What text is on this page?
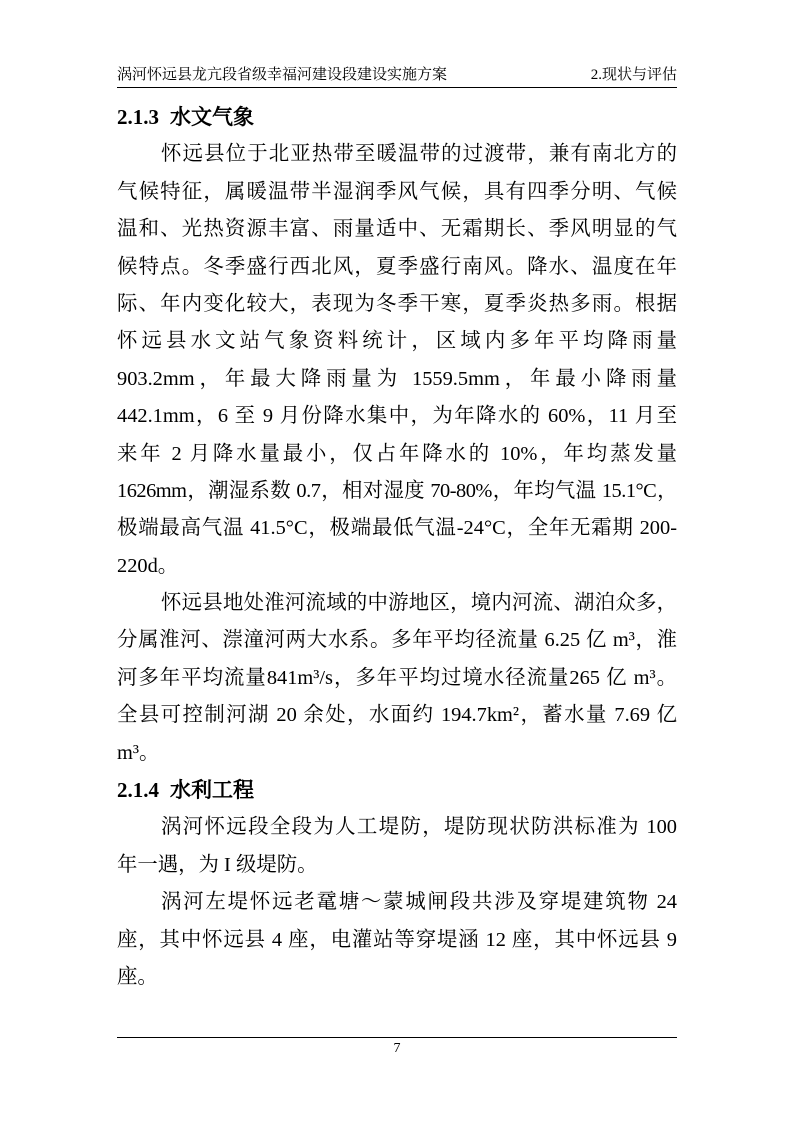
涡河怀远县龙亢段省级幸福河建设段建设实施方案	2.现状与评估
2.1.3 水文气象
怀远县位于北亚热带至暖温带的过渡带，兼有南北方的
气候特征，属暖温带半湿润季风气候，具有四季分明、气候
温和、光热资源丰富、雨量适中、无霜期长、季风明显的气
候特点。冬季盛行西北风，夏季盛行南风。降水、温度在年
际、年内变化较大，表现为冬季干寒，夏季炎热多雨。根据
怀远县水文站气象资料统计，区域内多年平均降雨量
903.2mm，年最大降雨量为 1559.5mm，年最小降雨量
442.1mm，6 至 9 月份降水集中，为年降水的 60%，11 月至
来年 2 月降水量最小，仅占年降水的 10%，年均蒸发量
1626mm，潮湿系数 0.7，相对湿度 70-80%，年均气温 15.1°C，
极端最高气温 41.5°C，极端最低气温-24°C，全年无霜期 200-
220d。
怀远县地处淮河流域的中游地区，境内河流、湖泊众多，
分属淮河、漴潼河两大水系。多年平均径流量 6.25 亿 m³，淮
河多年平均流量841m³/s，多年平均过境水径流量265 亿 m³。
全县可控制河湖 20 余处，水面约 194.7km²，蓄水量 7.69 亿
m³。
2.1.4 水利工程
涡河怀远段全段为人工堤防，堤防现状防洪标准为 100
年一遇，为 I 级堤防。
涡河左堤怀远老鼋塘～蒙城闸段共涉及穿堤建筑物 24
座，其中怀远县 4 座，电灌站等穿堤涵 12 座，其中怀远县 9
座。
7
